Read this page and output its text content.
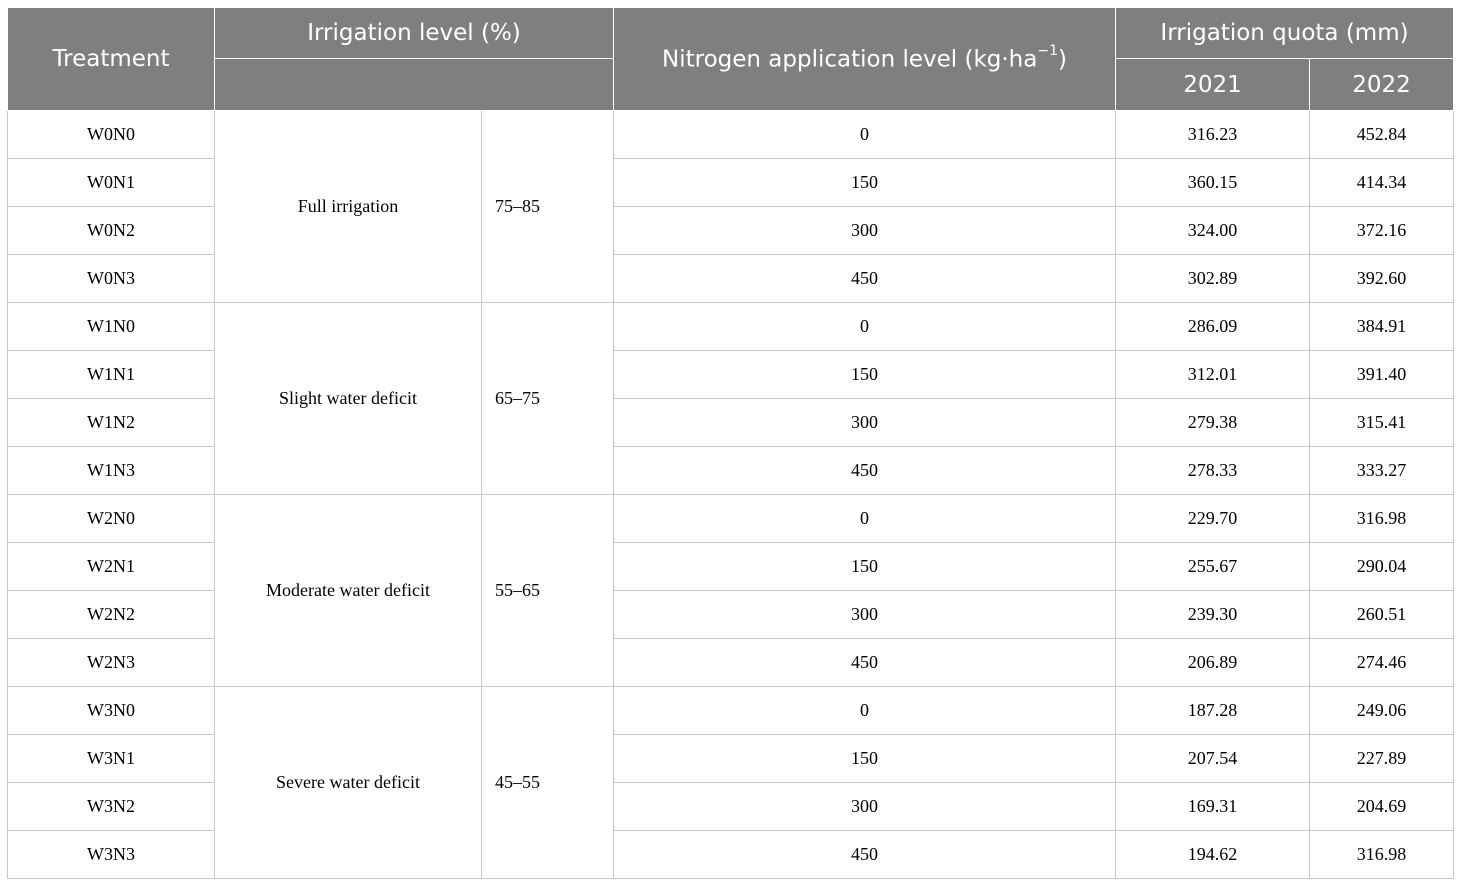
Treatment	Irrigation level (%)		Nitrogen application level $(kg\cdot ha^{-1})$	Irrigation quota (mm)	
				2021	2022

W0N0	Full irrigation	75–85	0	316.23	452.84
W0N1			150	360.15	414.34
W0N2			300	324.00	372.16
W0N3			450	302.89	392.60
W1N0	Slight water deficit	65–75	0	286.09	384.91
W1N1			150	312.01	391.40
W1N2			300	279.38	315.41
W1N3			450	278.33	333.27
W2N0	Moderate water deficit	55–65	0	229.70	316.98
W2N1			150	255.67	290.04
W2N2			300	239.30	260.51
W2N3			450	206.89	274.46
W3N0	Severe water deficit	45–55	0	187.28	249.06
W3N1			150	207.54	227.89
W3N2			300	169.31	204.69
W3N3			450	194.62	316.98
